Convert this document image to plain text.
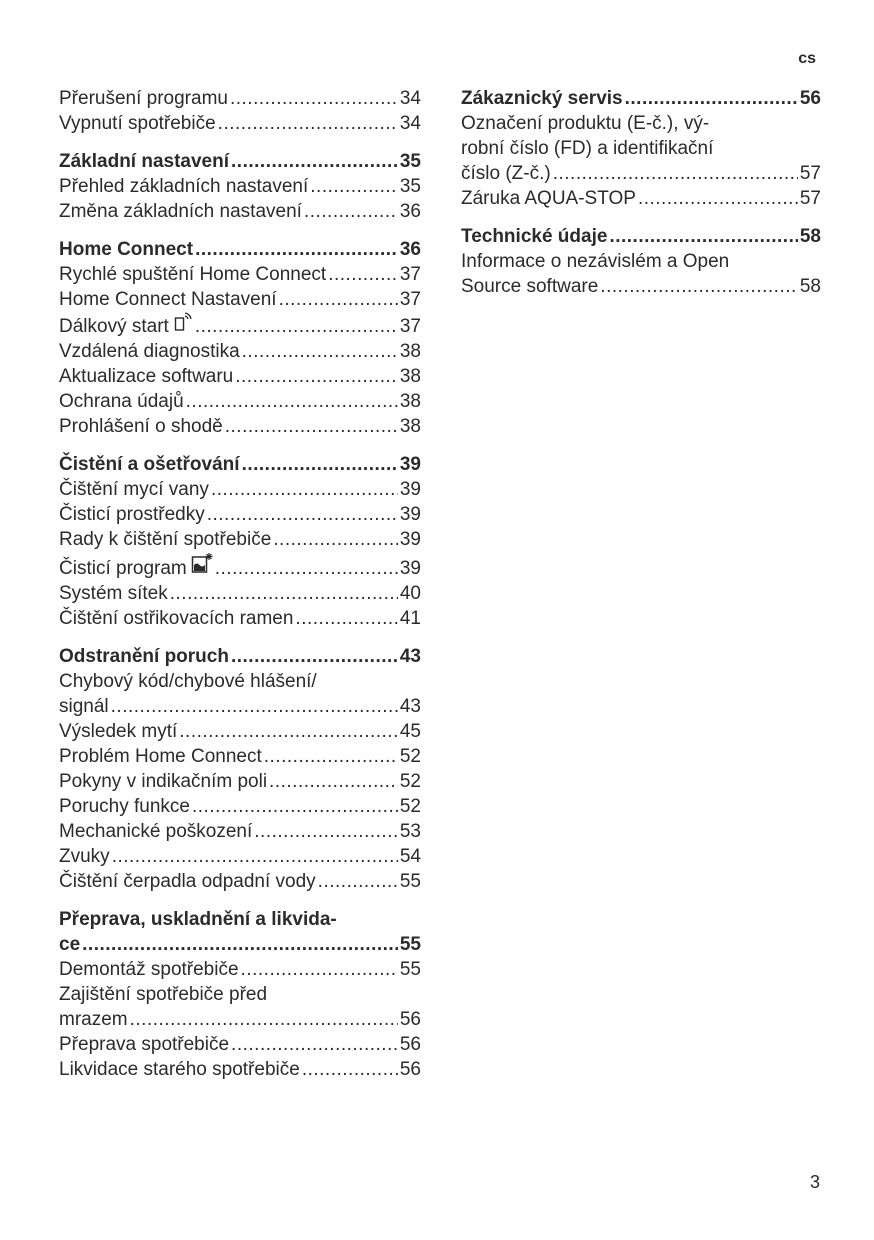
cs
Přerušení programu .....	34
Vypnutí spotřebiče .....	34
Základní nastavení .....	35
Přehled základních nastavení .....	35
Změna základních nastavení .....	36
Home Connect .....	36
Rychlé spuštění Home Connect .....	37
Home Connect Nastavení .....	37
Dálkový start .....	37
Vzdálená diagnostika .....	38
Aktualizace softwaru .....	38
Ochrana údajů .....	38
Prohlášení o shodě .....	38
Čistění a ošetřování .....	39
Čištění mycí vany .....	39
Čisticí prostředky .....	39
Rady k čištění spotřebiče .....	39
Čisticí program .....	39
Systém sítek .....	40
Čištění ostřikovacích ramen .....	41
Odstranění poruch .....	43
Chybový kód/chybové hlášení/
signál .....	43
Výsledek mytí .....	45
Problém Home Connect .....	52
Pokyny v indikačním poli .....	52
Poruchy funkce .....	52
Mechanické poškození .....	53
Zvuky .....	54
Čištění čerpadla odpadní vody .....	55
Přeprava, uskladnění a likvida-
ce .....	55
Demontáž spotřebiče .....	55
Zajištění spotřebiče před
mrazem .....	56
Přeprava spotřebiče .....	56
Likvidace starého spotřebiče .....	56
Zákaznický servis .....	56
Označení produktu (E-č.), vý-
robní číslo (FD) a identifikační
číslo (Z-č.) .....	57
Záruka AQUA-STOP .....	57
Technické údaje .....	58
Informace o nezávislém a Open
Source software .....	58
3
